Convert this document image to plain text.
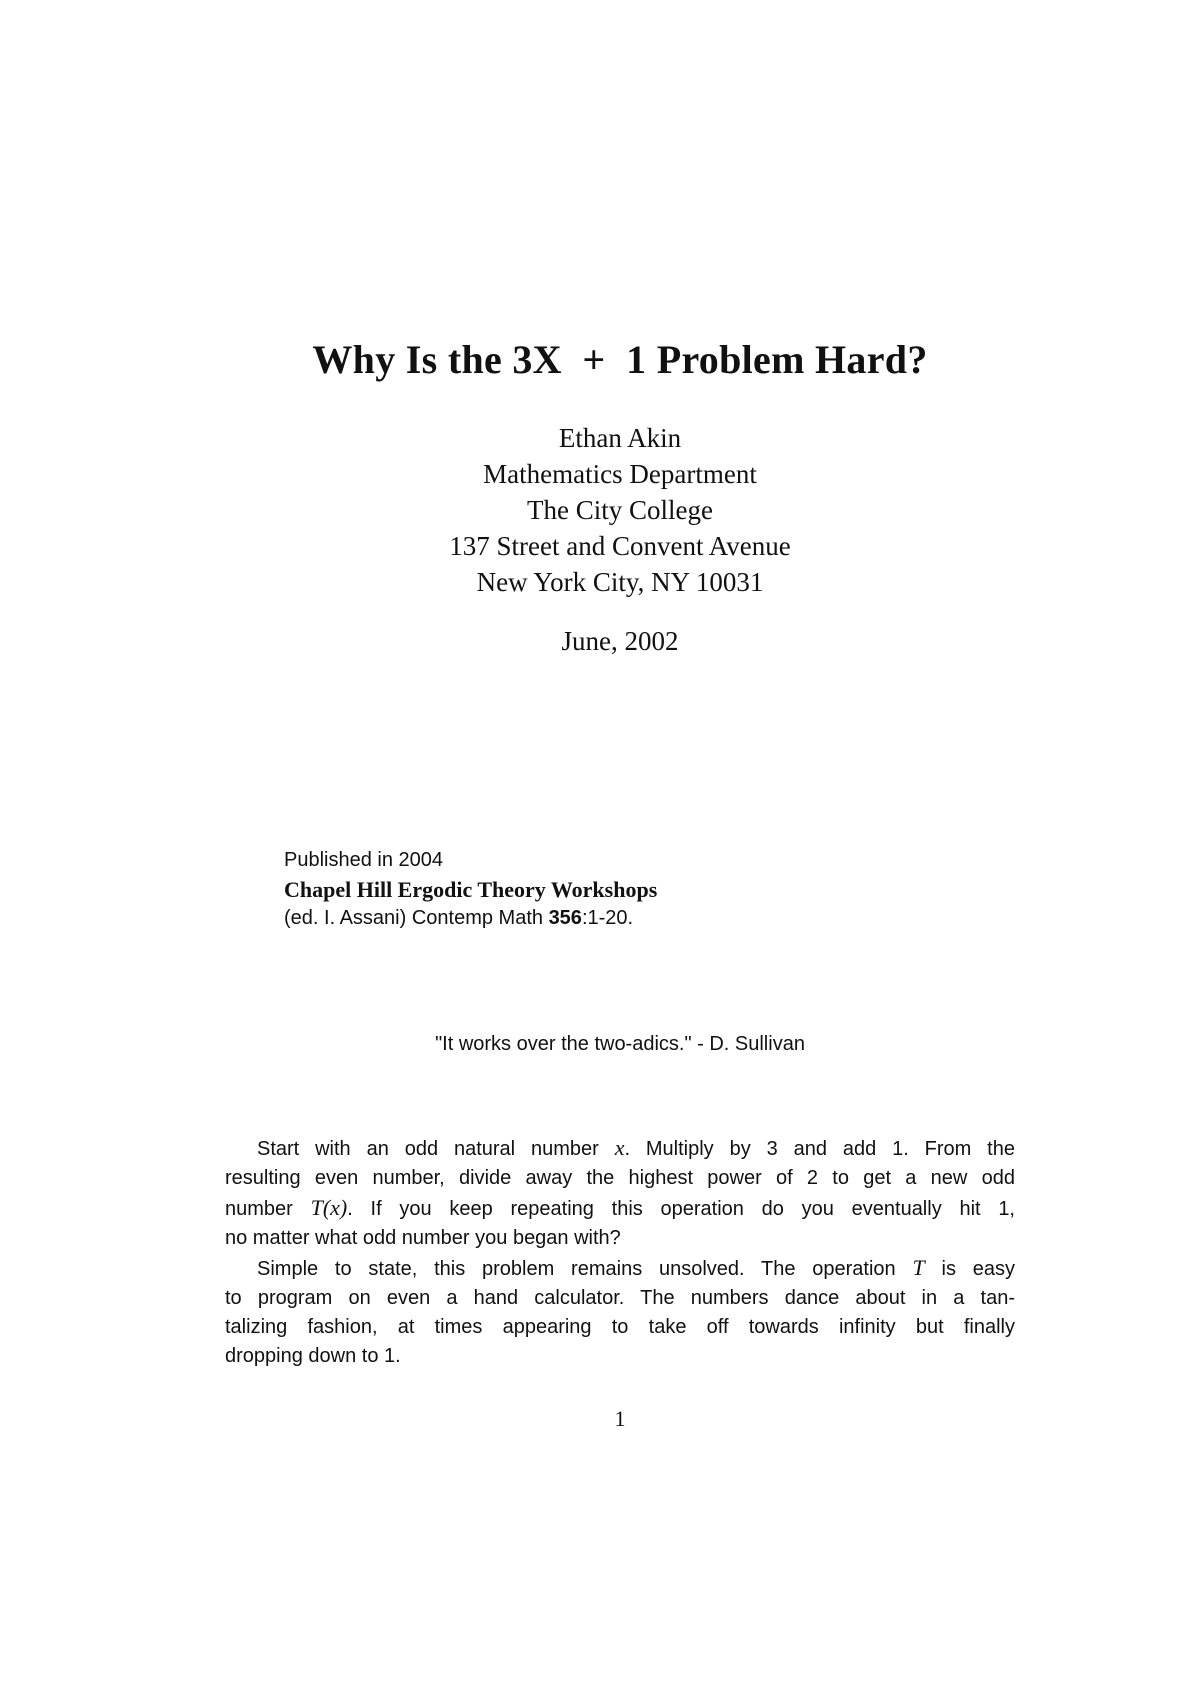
Why Is the 3X  +  1 Problem Hard?
Ethan Akin
Mathematics Department
The City College
137 Street and Convent Avenue
New York City, NY 10031
June, 2002
Published in 2004
Chapel Hill Ergodic Theory Workshops
(ed. I. Assani) Contemp Math 356:1-20.
"It works over the two-adics." - D. Sullivan
Start with an odd natural number x. Multiply by 3 and add 1. From the
resulting even number, divide away the highest power of 2 to get a new odd
number T(x). If you keep repeating this operation do you eventually hit 1,
no matter what odd number you began with?
Simple to state, this problem remains unsolved. The operation T is easy
to program on even a hand calculator. The numbers dance about in a tan-
talizing fashion, at times appearing to take off towards infinity but finally
dropping down to 1.
1
